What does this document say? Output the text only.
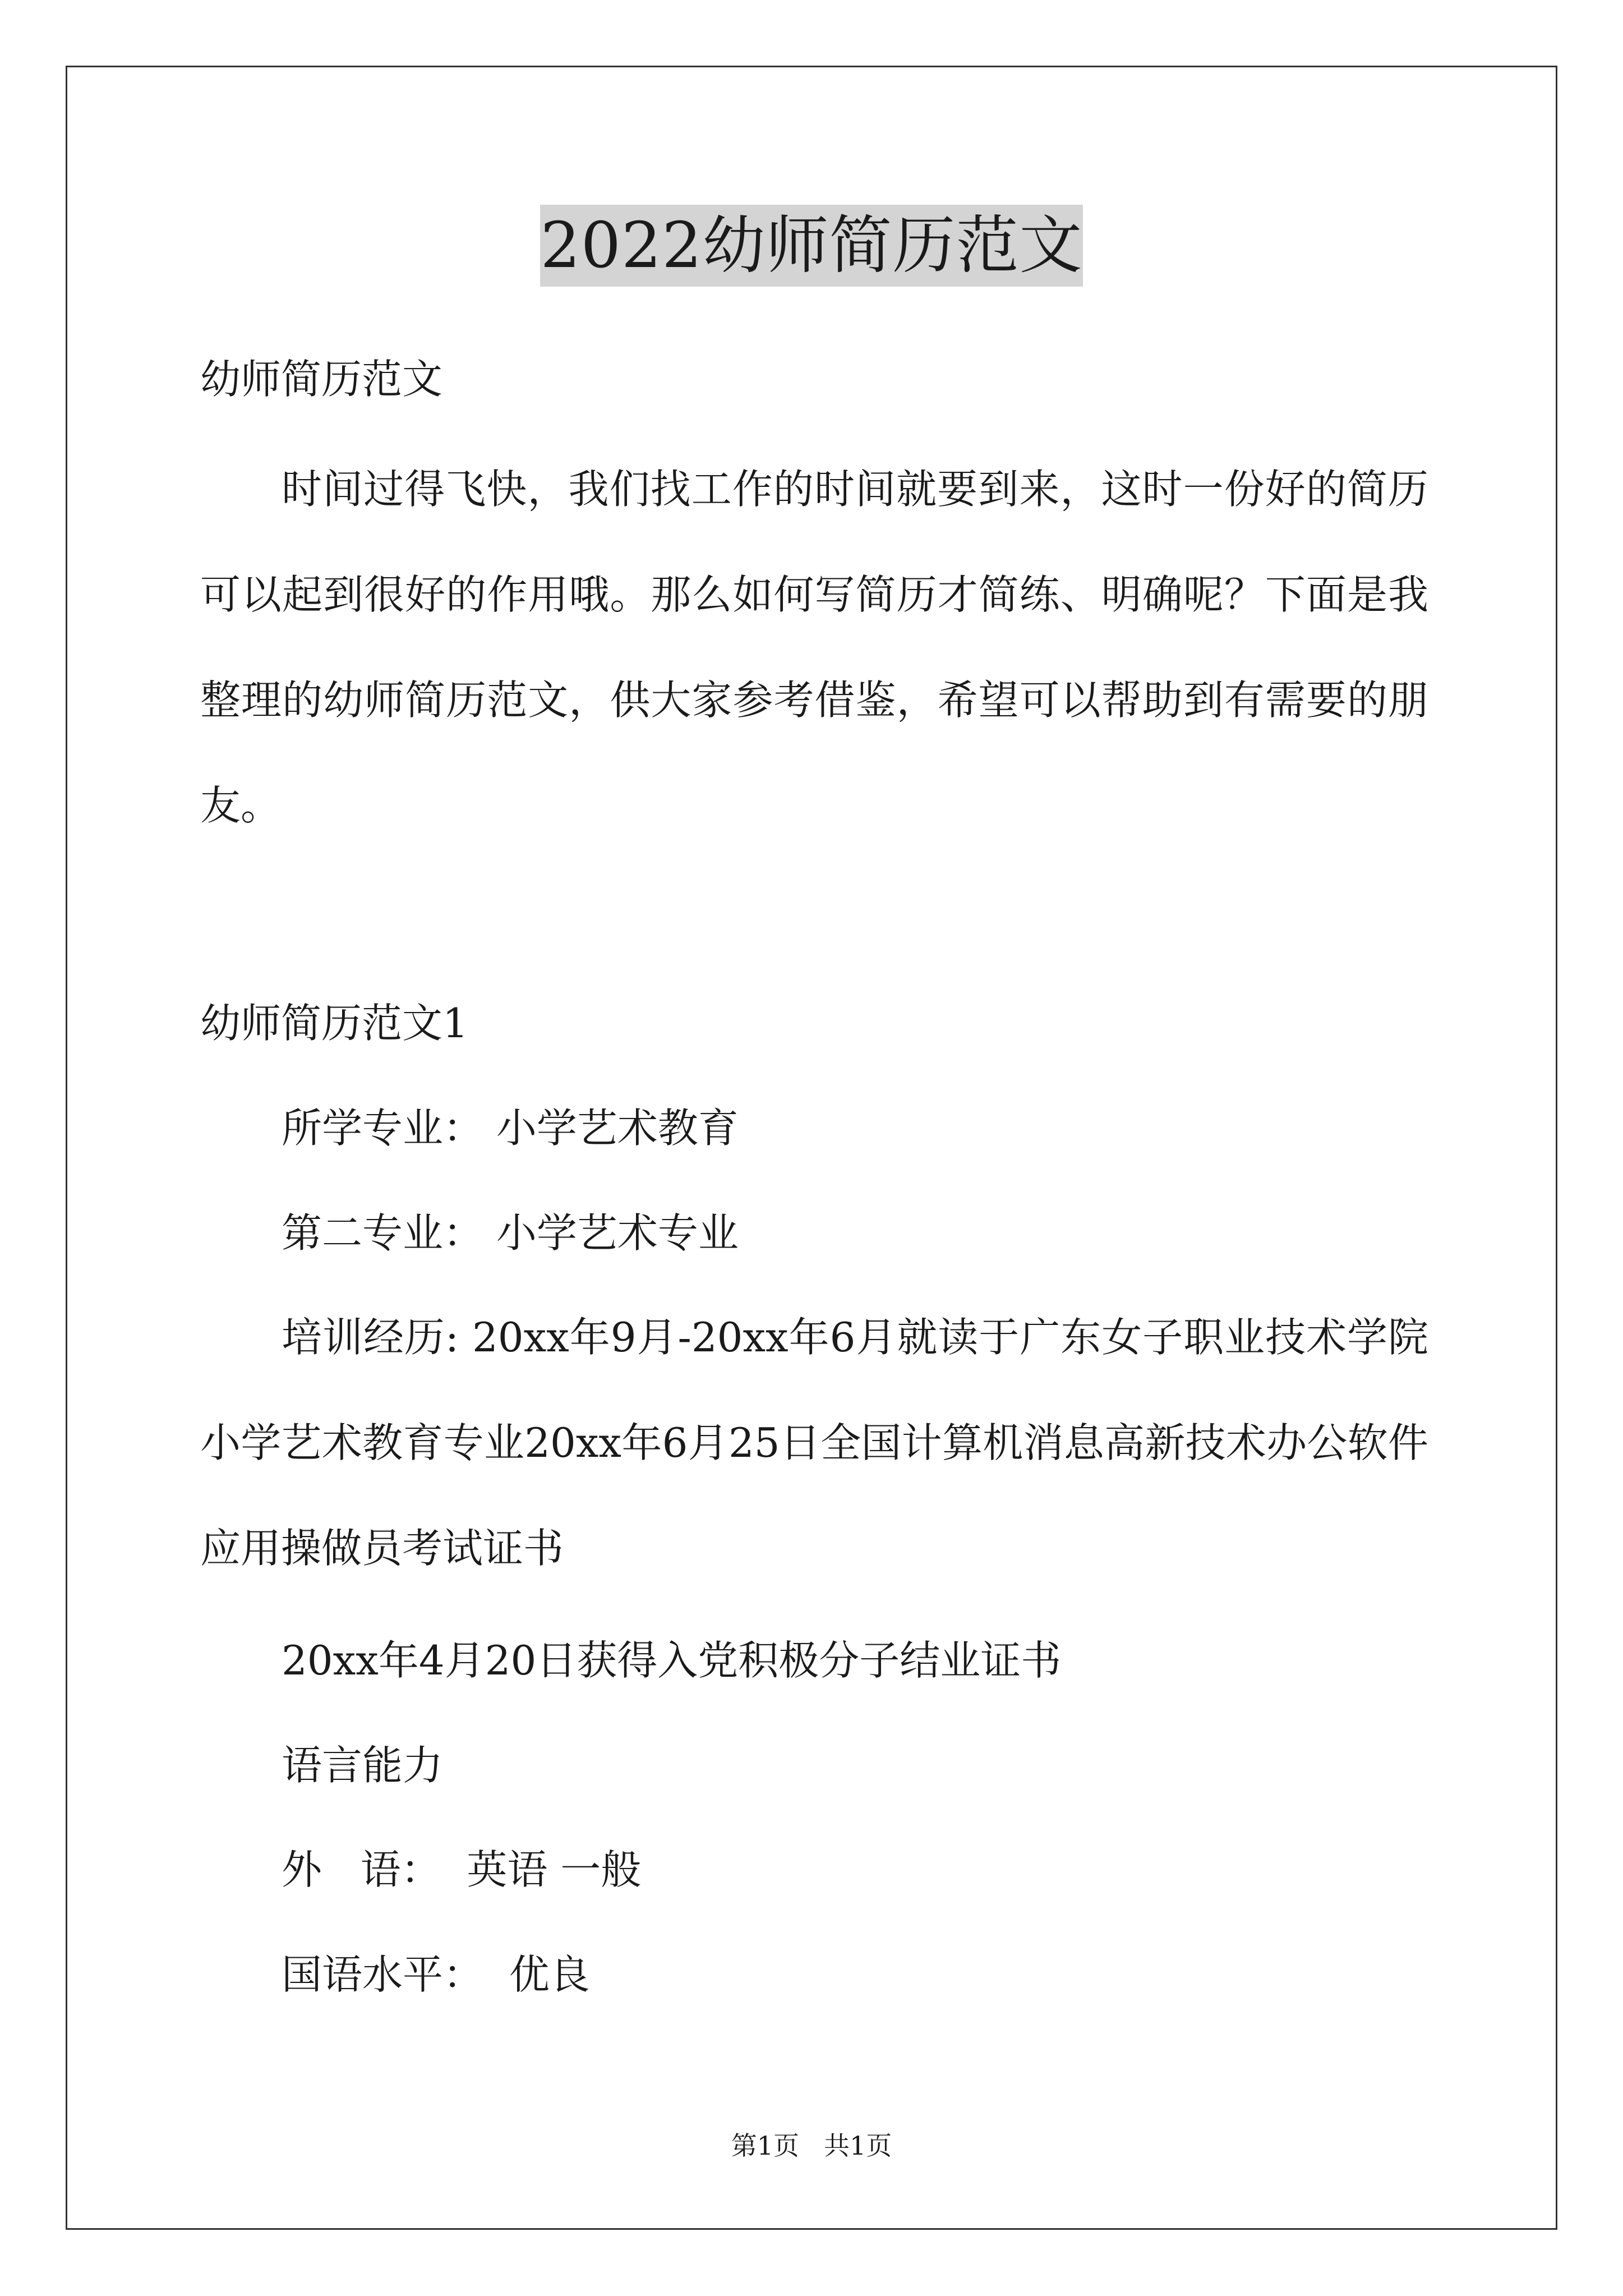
2022幼师简历范文

幼师简历范文

时间过得飞快，我们找工作的时间就要到来，这时一份好的简历可以起到很好的作用哦。那么如何写简历才简练、明确呢？下面是我整理的幼师简历范文，供大家参考借鉴，希望可以帮助到有需要的朋友。

幼师简历范文1

所学专业： 小学艺术教育

第二专业： 小学艺术专业

培训经历: 20xx年9月-20xx年6月就读于广东女子职业技术学院 小学艺术教育专业20xx年6月25日全国计算机消息高新技术办公软件应用操做员考试证书

20xx年4月20日获得入党积极分子结业证书

语言能力

外   语：  英语 一般

国语水平：  优良

第1页 共1页
